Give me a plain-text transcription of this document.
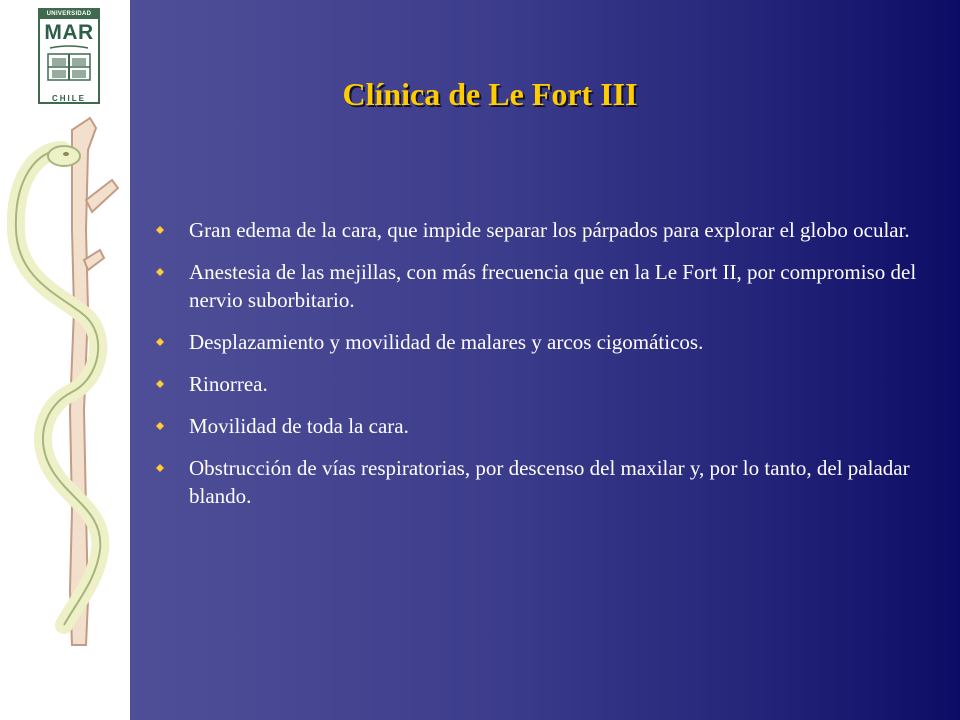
UNIVERSIDAD
MAR
CHILE	Clínica de Le Fort III
Gran edema de la cara, que impide separar los párpados para explorar el globo ocular.
Anestesia de las mejillas, con más frecuencia que en la Le Fort II, por compromiso del nervio suborbitario.
Desplazamiento y movilidad de malares y arcos cigomáticos.
Rinorrea.
Movilidad de toda la cara.
Obstrucción de vías respiratorias, por descenso del maxilar y, por lo tanto, del paladar blando.
